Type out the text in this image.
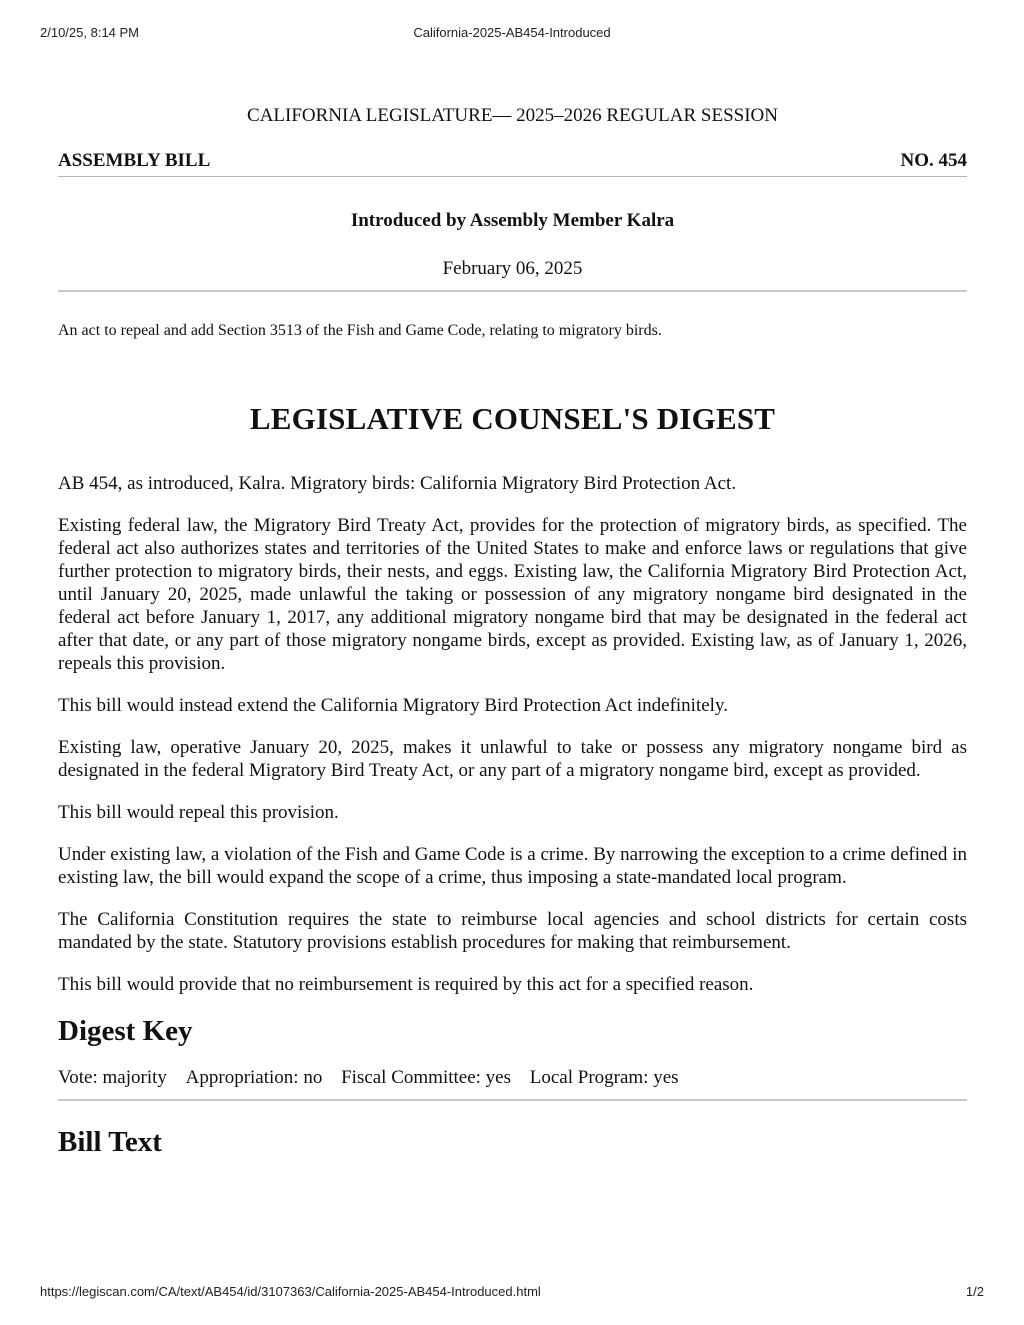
2/10/25, 8:14 PM	California-2025-AB454-Introduced
CALIFORNIA LEGISLATURE— 2025–2026 REGULAR SESSION
ASSEMBLY BILL	NO. 454
Introduced by Assembly Member Kalra
February 06, 2025
An act to repeal and add Section 3513 of the Fish and Game Code, relating to migratory birds.
LEGISLATIVE COUNSEL'S DIGEST

AB 454, as introduced, Kalra. Migratory birds: California Migratory Bird Protection Act.

Existing federal law, the Migratory Bird Treaty Act, provides for the protection of migratory birds, as specified. The federal act also authorizes states and territories of the United States to make and enforce laws or regulations that give further protection to migratory birds, their nests, and eggs. Existing law, the California Migratory Bird Protection Act, until January 20, 2025, made unlawful the taking or possession of any migratory nongame bird designated in the federal act before January 1, 2017, any additional migratory nongame bird that may be designated in the federal act after that date, or any part of those migratory nongame birds, except as provided. Existing law, as of January 1, 2026, repeals this provision.

This bill would instead extend the California Migratory Bird Protection Act indefinitely.

Existing law, operative January 20, 2025, makes it unlawful to take or possess any migratory nongame bird as designated in the federal Migratory Bird Treaty Act, or any part of a migratory nongame bird, except as provided.

This bill would repeal this provision.

Under existing law, a violation of the Fish and Game Code is a crime. By narrowing the exception to a crime defined in existing law, the bill would expand the scope of a crime, thus imposing a state-mandated local program.

The California Constitution requires the state to reimburse local agencies and school districts for certain costs mandated by the state. Statutory provisions establish procedures for making that reimbursement.

This bill would provide that no reimbursement is required by this act for a specified reason.

Digest Key
Vote: majority Appropriation: no Fiscal Committee: yes Local Program: yes
Bill Text
https://legiscan.com/CA/text/AB454/id/3107363/California-2025-AB454-Introduced.html	1/2
